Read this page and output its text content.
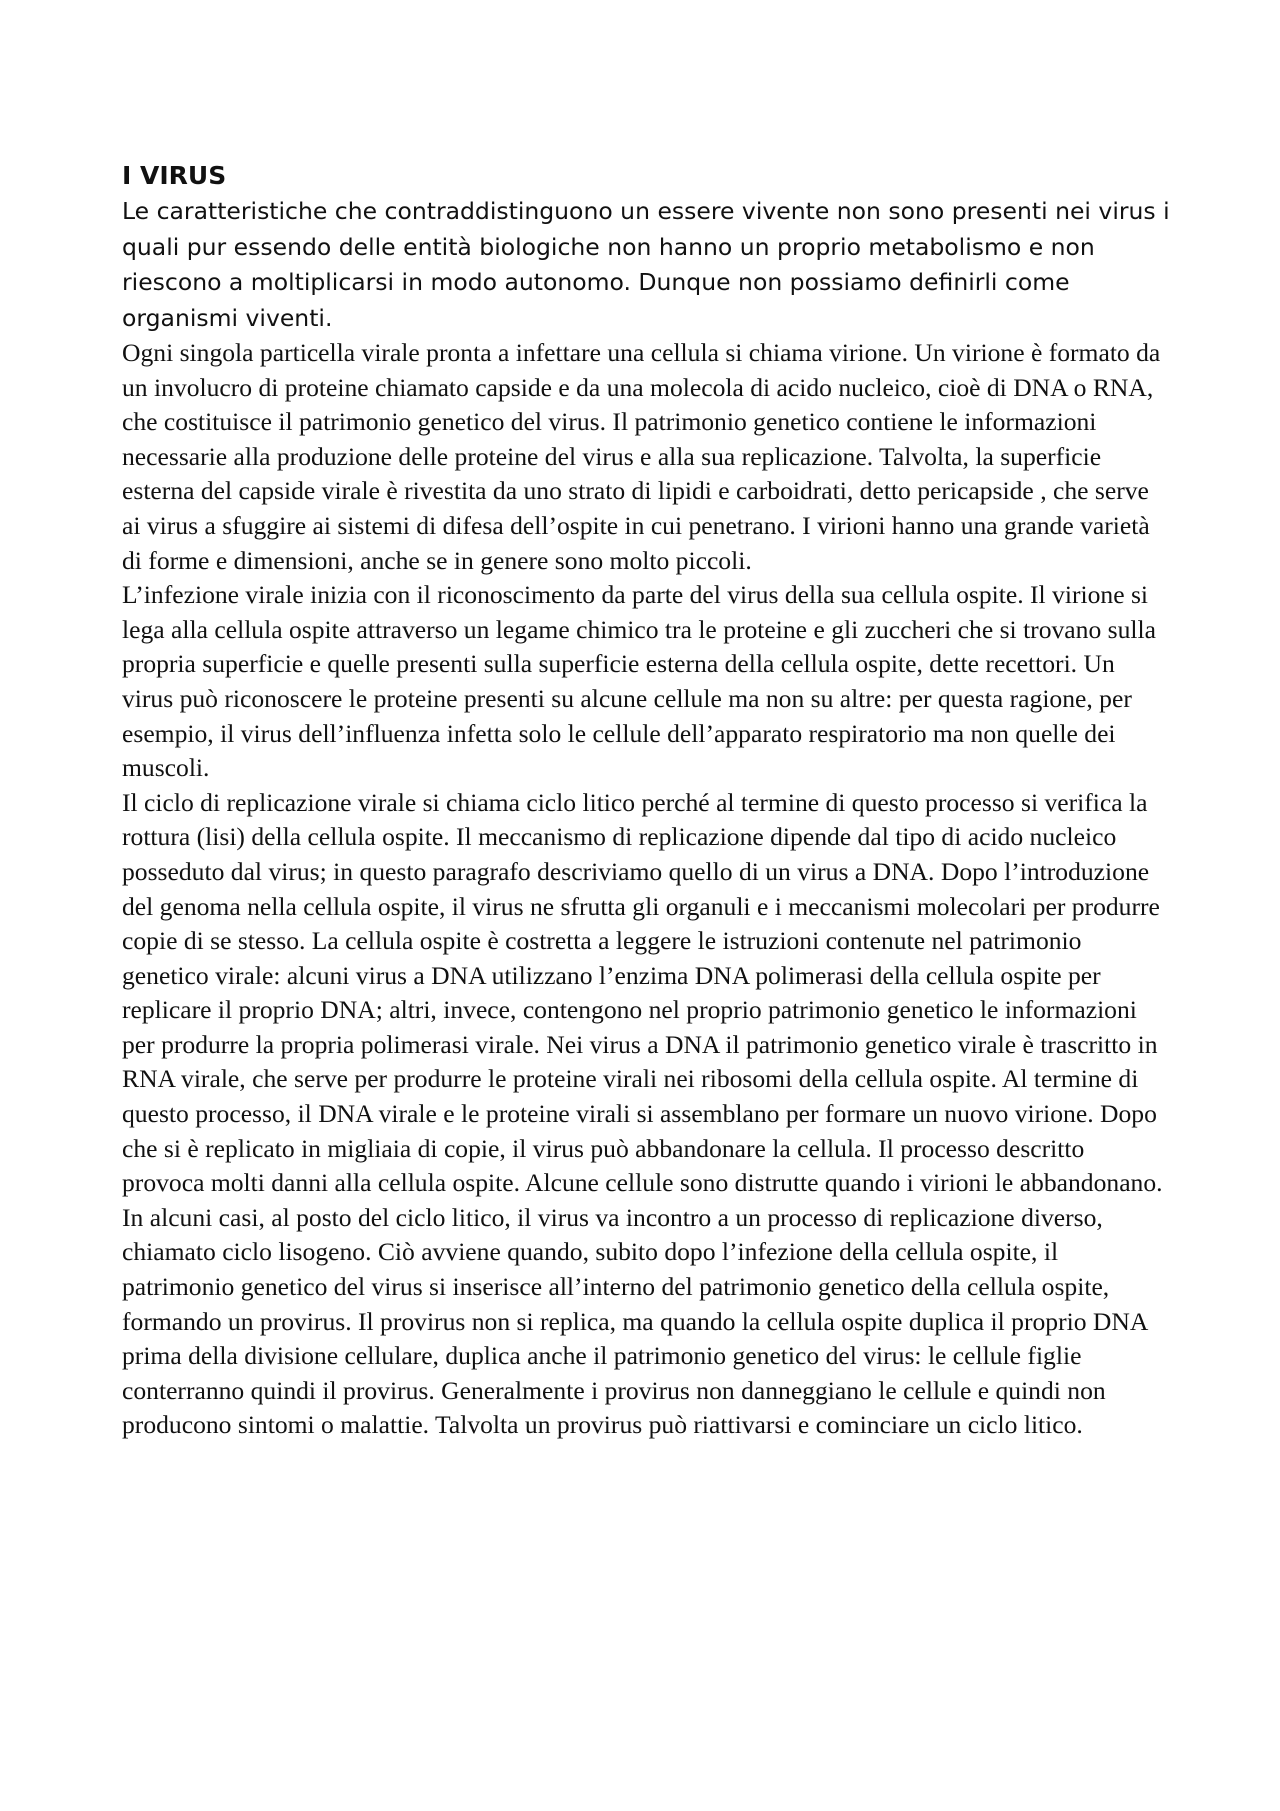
I VIRUS

Le caratteristiche che contraddistinguono un essere vivente non sono presenti nei virus i quali pur essendo delle entità biologiche non hanno un proprio metabolismo e non riescono a moltiplicarsi in modo autonomo. Dunque non possiamo definirli come organismi viventi.

Ogni singola particella virale pronta a infettare una cellula si chiama virione. Un virione è formato da un involucro di proteine chiamato capside e da una molecola di acido nucleico, cioè di DNA o RNA, che costituisce il patrimonio genetico del virus. Il patrimonio genetico contiene le informazioni necessarie alla produzione delle proteine del virus e alla sua replicazione. Talvolta, la superficie esterna del capside virale è rivestita da uno strato di lipidi e carboidrati, detto pericapside , che serve ai virus a sfuggire ai sistemi di difesa dell’ospite in cui penetrano. I virioni hanno una grande varietà di forme e dimensioni, anche se in genere sono molto piccoli.

L’infezione virale inizia con il riconoscimento da parte del virus della sua cellula ospite. Il virione si lega alla cellula ospite attraverso un legame chimico tra le proteine e gli zuccheri che si trovano sulla propria superficie e quelle presenti sulla superficie esterna della cellula ospite, dette recettori. Un virus può riconoscere le proteine presenti su alcune cellule ma non su altre: per questa ragione, per esempio, il virus dell’influenza infetta solo le cellule dell’apparato respiratorio ma non quelle dei muscoli.

Il ciclo di replicazione virale si chiama ciclo litico perché al termine di questo processo si verifica la rottura (lisi) della cellula ospite. Il meccanismo di replicazione dipende dal tipo di acido nucleico posseduto dal virus; in questo paragrafo descriviamo quello di un virus a DNA. Dopo l’introduzione del genoma nella cellula ospite, il virus ne sfrutta gli organuli e i meccanismi molecolari per produrre copie di se stesso. La cellula ospite è costretta a leggere le istruzioni contenute nel patrimonio genetico virale: alcuni virus a DNA utilizzano l’enzima DNA polimerasi della cellula ospite per replicare il proprio DNA; altri, invece, contengono nel proprio patrimonio genetico le informazioni per produrre la propria polimerasi virale. Nei virus a DNA il patrimonio genetico virale è trascritto in RNA virale, che serve per produrre le proteine virali nei ribosomi della cellula ospite. Al termine di questo processo, il DNA virale e le proteine virali si assemblano per formare un nuovo virione. Dopo che si è replicato in migliaia di copie, il virus può abbandonare la cellula. Il processo descritto provoca molti danni alla cellula ospite. Alcune cellule sono distrutte quando i virioni le abbandonano. In alcuni casi, al posto del ciclo litico, il virus va incontro a un processo di replicazione diverso, chiamato ciclo lisogeno. Ciò avviene quando, subito dopo l’infezione della cellula ospite, il patrimonio genetico del virus si inserisce all’interno del patrimonio genetico della cellula ospite, formando un provirus. Il provirus non si replica, ma quando la cellula ospite duplica il proprio DNA prima della divisione cellulare, duplica anche il patrimonio genetico del virus: le cellule figlie conterranno quindi il provirus. Generalmente i provirus non danneggiano le cellule e quindi non producono sintomi o malattie. Talvolta un provirus può riattivarsi e cominciare un ciclo litico.
